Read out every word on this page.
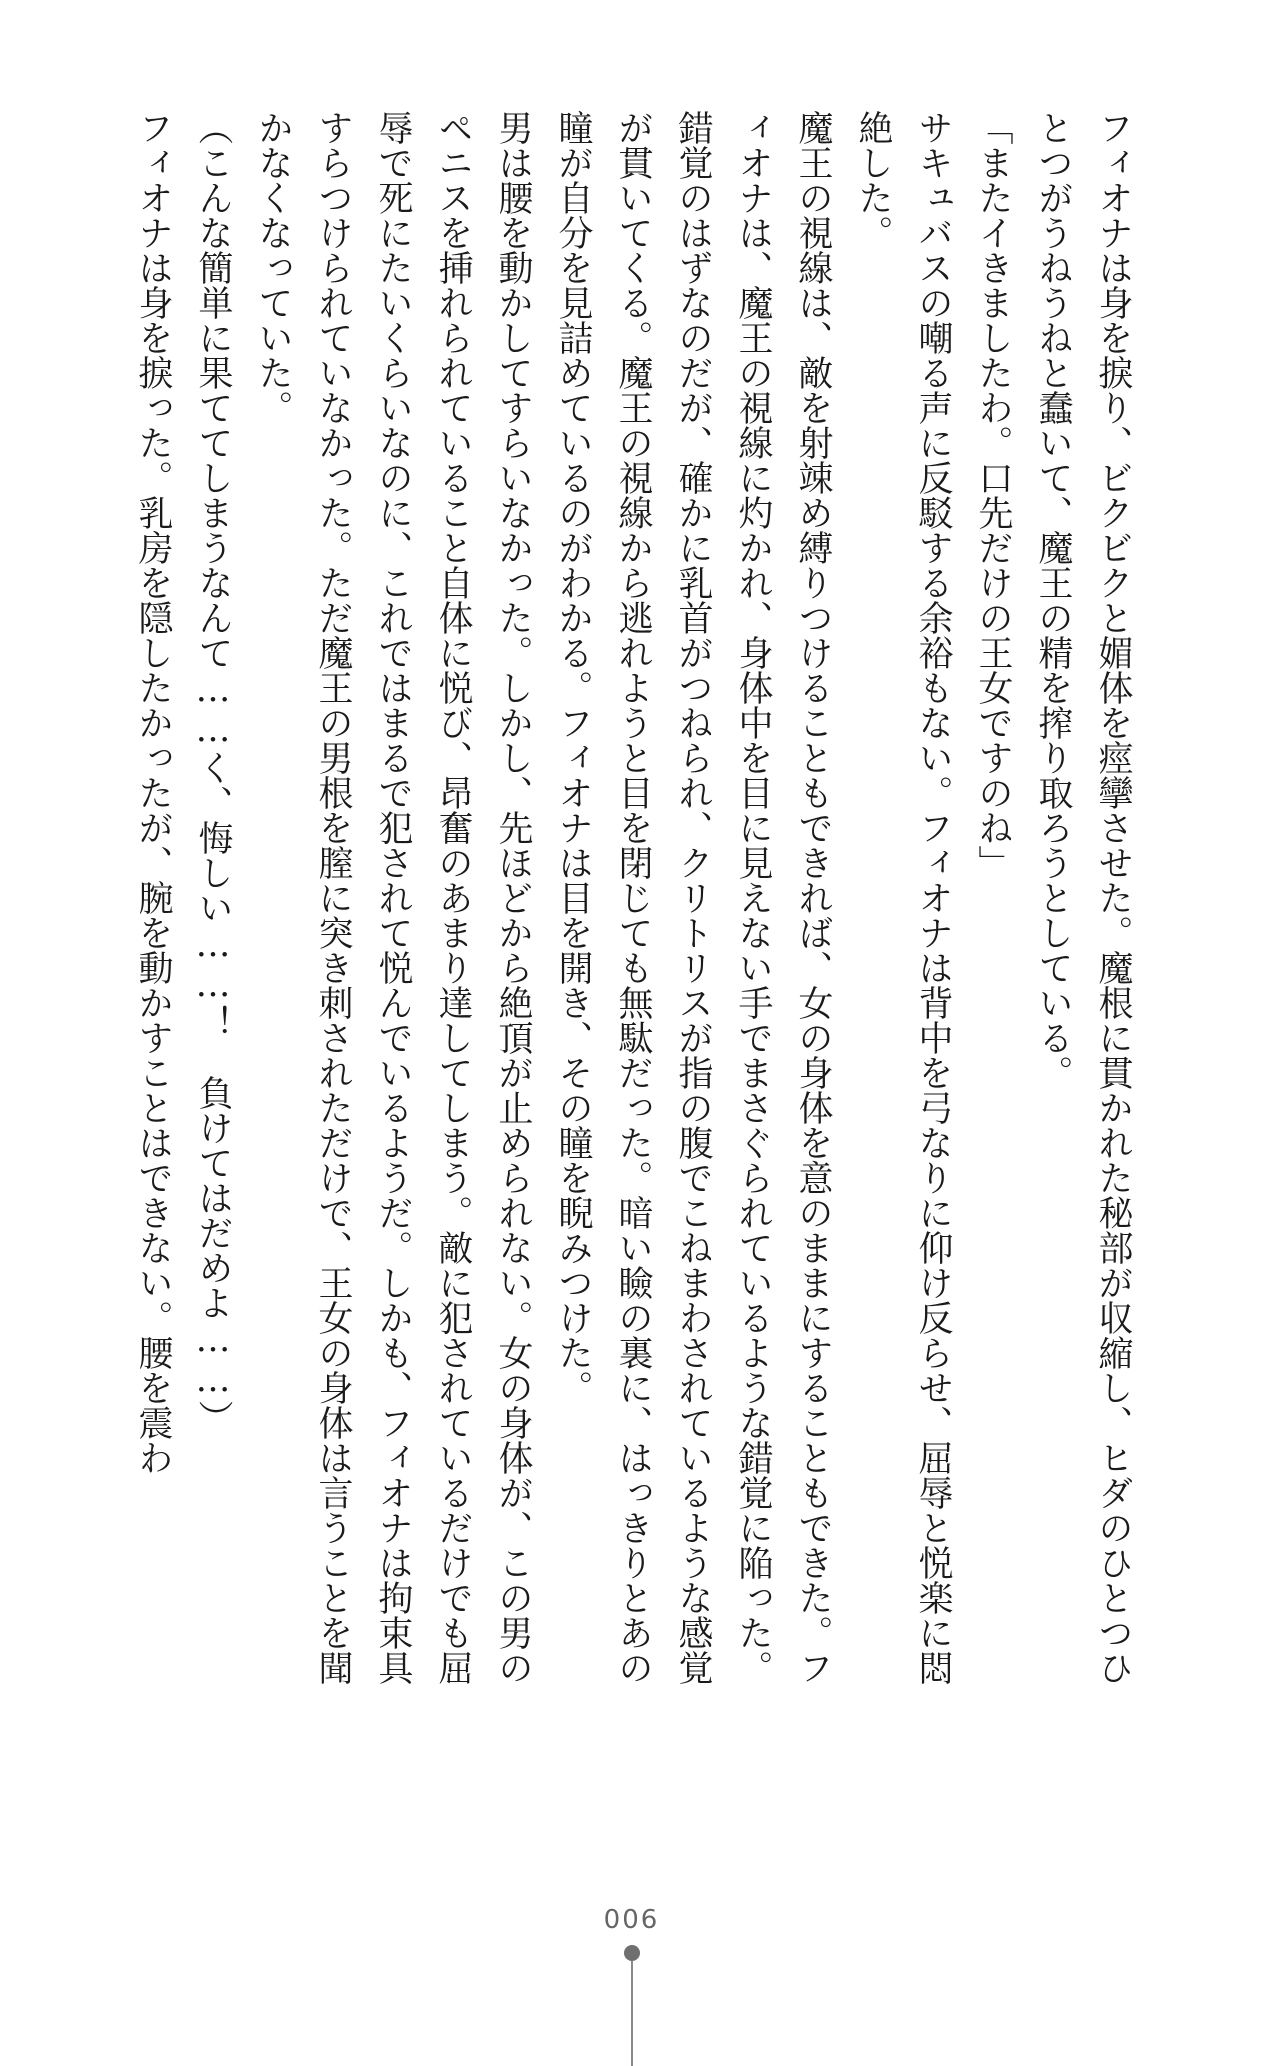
フィオナは身を捩り、ビクビクと媚体を痙攣させた。魔根に貫かれた秘部が収縮し、ヒダのひとつひとつがうねうねと蠢いて、魔王の精を搾り取ろうとしている。

「またイきましたわ。口先だけの王女ですのね」

サキュバスの嘲る声に反駁する余裕もない。フィオナは背中を弓なりに仰け反らせ、屈辱と悦楽に悶絶した。

魔王の視線は、敵を射竦め縛りつけることもできれば、女の身体を意のままにすることもできた。フィオナは、魔王の視線に灼かれ、身体中を目に見えない手でまさぐられているような錯覚に陥った。錯覚のはずなのだが、確かに乳首がつねられ、クリトリスが指の腹でこねまわされているような感覚が貫いてくる。魔王の視線から逃れようと目を閉じても無駄だった。暗い瞼の裏に、はっきりとあの瞳が自分を見詰めているのがわかる。フィオナは目を開き、その瞳を睨みつけた。

男は腰を動かしてすらいなかった。しかし、先ほどから絶頂が止められない。女の身体が、この男のペニスを挿れられていること自体に悦び、昂奮のあまり達してしまう。敵に犯されているだけでも屈辱で死にたいくらいなのに、これではまるで犯されて悦んでいるようだ。しかも、フィオナは拘束具すらつけられていなかった。ただ魔王の男根を膣に突き刺されただけで、王女の身体は言うことを聞かなくなっていた。

（こんな簡単に果ててしまうなんて……く、悔しい……！　負けてはだめよ……）

フィオナは身を捩った。乳房を隠したかったが、腕を動かすことはできない。腰を震わ

006
